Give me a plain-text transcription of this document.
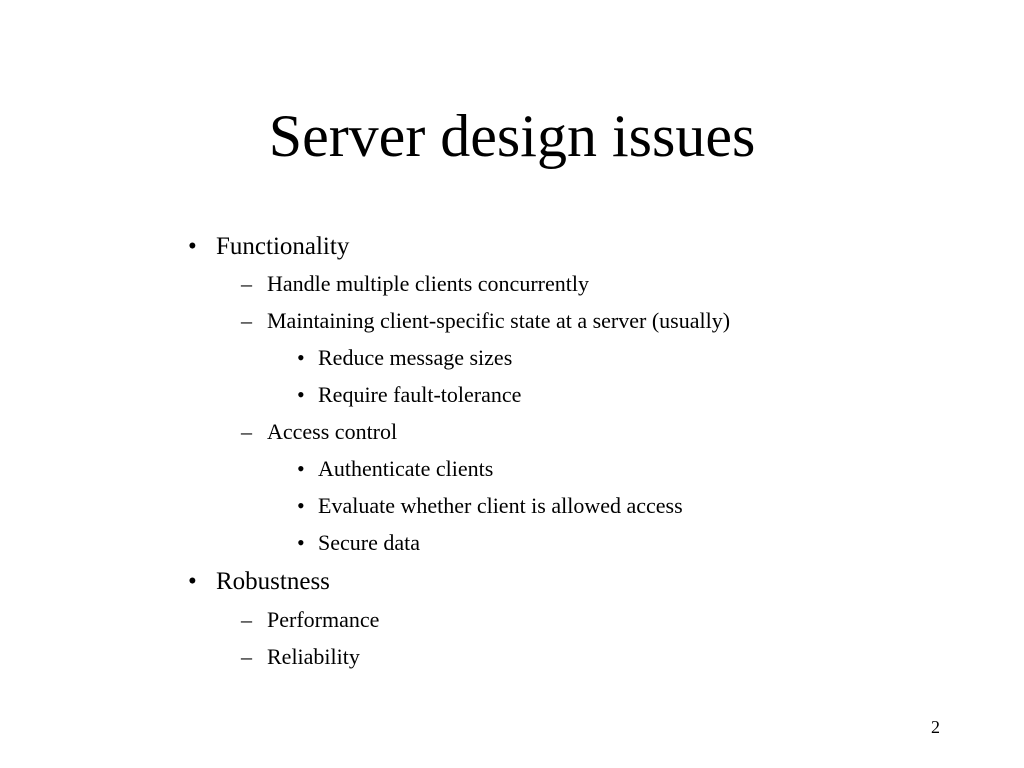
Server design issues
• Functionality
– Handle multiple clients concurrently
– Maintaining client-specific state at a server (usually)
• Reduce message sizes
• Require fault-tolerance
– Access control
• Authenticate clients
• Evaluate whether client is allowed access
• Secure data
• Robustness
– Performance
– Reliability
2
